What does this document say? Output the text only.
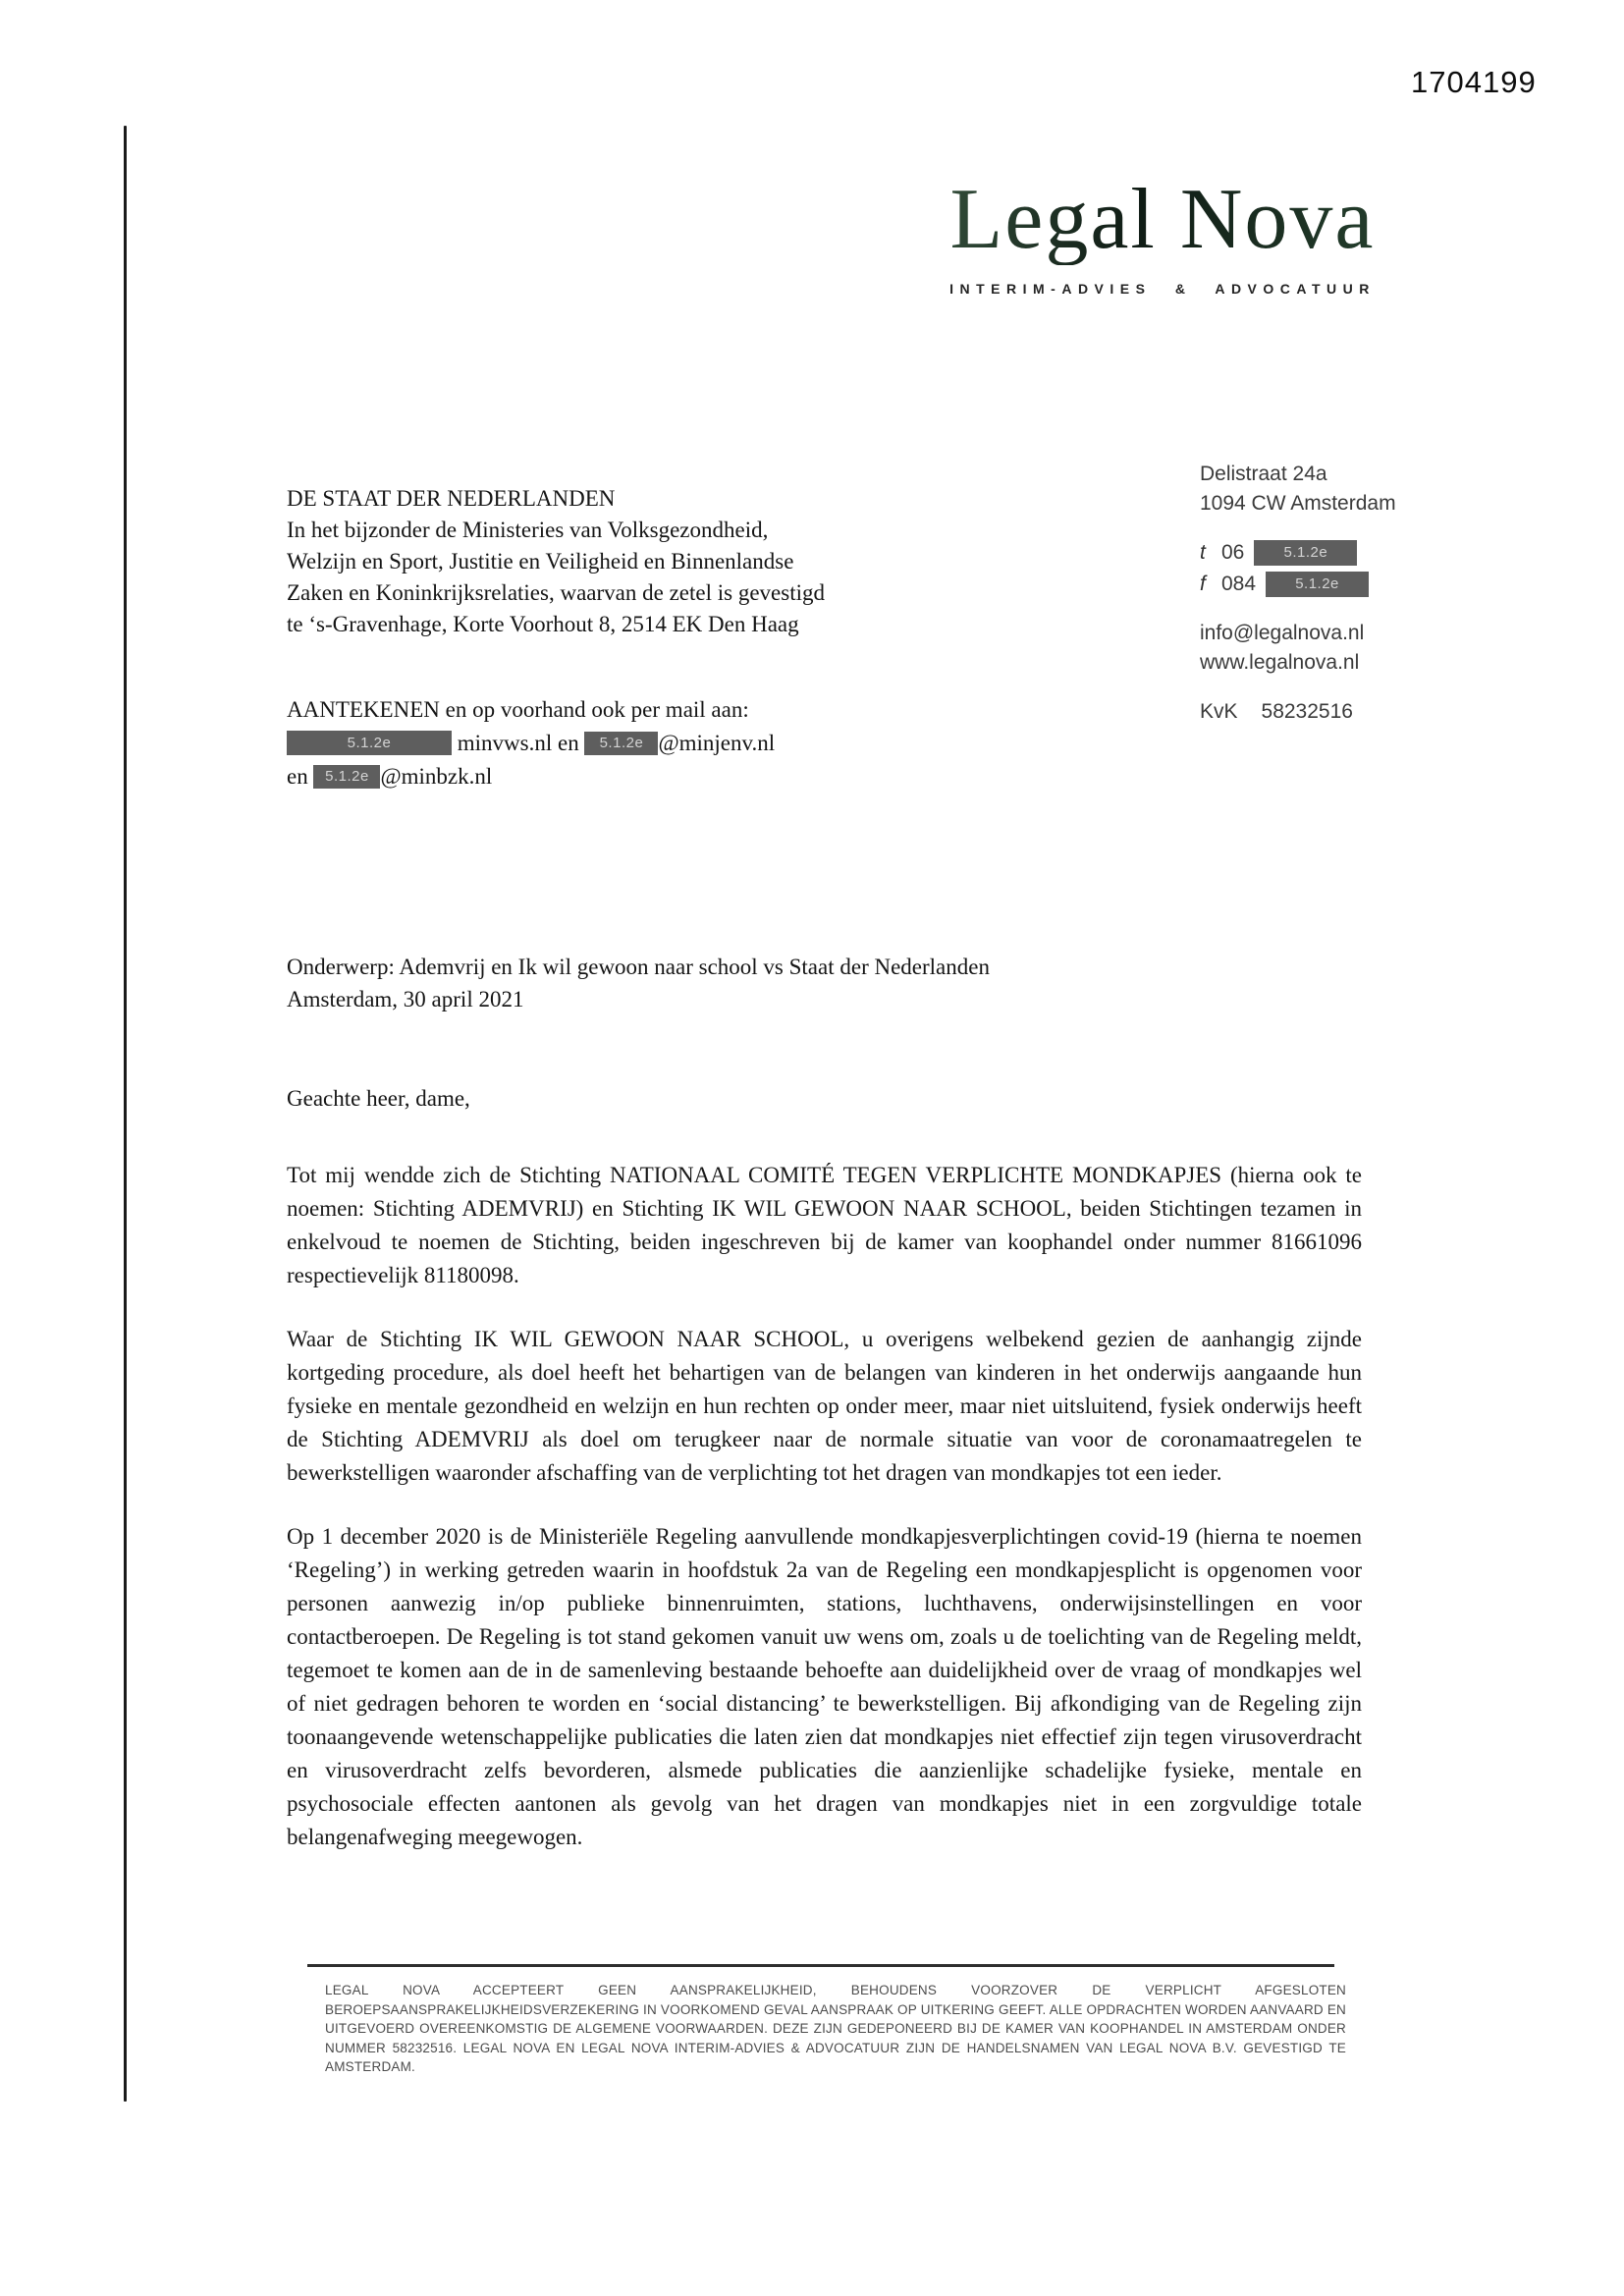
1704199
Legal Nova
INTERIM-ADVIES & ADVOCATUUR
Delistraat 24a
1094 CW Amsterdam
t 06	5.1.2e
f 084	5.1.2e
info@legalnova.nl
www.legalnova.nl
KvK 58232516
DE STAAT DER NEDERLANDEN
In het bijzonder de Ministeries van Volksgezondheid,
Welzijn en Sport, Justitie en Veiligheid en Binnenlandse
Zaken en Koninkrijksrelaties, waarvan de zetel is gevestigd
te ‘s-Gravenhage, Korte Voorhout 8, 2514 EK Den Haag
AANTEKENEN en op voorhand ook per mail aan:
5.1.2e	minvws.nl en 5.1.2e @minjenv.nl
en 5.1.2e @minbzk.nl
Onderwerp: Ademvrij en Ik wil gewoon naar school vs Staat der Nederlanden
Amsterdam, 30 april 2021
Geachte heer, dame,

Tot mij wendde zich de Stichting NATIONAAL COMITÉ TEGEN VERPLICHTE MONDKAPJES (hierna ook te noemen: Stichting ADEMVRIJ) en Stichting IK WIL GEWOON NAAR SCHOOL, beiden Stichtingen tezamen in enkelvoud te noemen de Stichting, beiden ingeschreven bij de kamer van koophandel onder nummer 81661096 respectievelijk 81180098.

Waar de Stichting IK WIL GEWOON NAAR SCHOOL, u overigens welbekend gezien de aanhangig zijnde kortgeding procedure, als doel heeft het behartigen van de belangen van kinderen in het onderwijs aangaande hun fysieke en mentale gezondheid en welzijn en hun rechten op onder meer, maar niet uitsluitend, fysiek onderwijs heeft de Stichting ADEMVRIJ als doel om terugkeer naar de normale situatie van voor de coronamaatregelen te bewerkstelligen waaronder afschaffing van de verplichting tot het dragen van mondkapjes tot een ieder.

Op 1 december 2020 is de Ministeriële Regeling aanvullende mondkapjesverplichtingen covid-19 (hierna te noemen ‘Regeling’) in werking getreden waarin in hoofdstuk 2a van de Regeling een mondkapjesplicht is opgenomen voor personen aanwezig in/op publieke binnenruimten, stations, luchthavens, onderwijsinstellingen en voor contactberoepen. De Regeling is tot stand gekomen vanuit uw wens om, zoals u de toelichting van de Regeling meldt, tegemoet te komen aan de in de samenleving bestaande behoefte aan duidelijkheid over de vraag of mondkapjes wel of niet gedragen behoren te worden en ‘social distancing’ te bewerkstelligen. Bij afkondiging van de Regeling zijn toonaangevende wetenschappelijke publicaties die laten zien dat mondkapjes niet effectief zijn tegen virusoverdracht en virusoverdracht zelfs bevorderen, alsmede publicaties die aanzienlijke schadelijke fysieke, mentale en psychosociale effecten aantonen als gevolg van het dragen van mondkapjes niet in een zorgvuldige totale belangenafweging meegewogen.

LEGAL NOVA ACCEPTEERT GEEN AANSPRAKELIJKHEID, BEHOUDENS VOORZOVER DE VERPLICHT AFGESLOTEN BEROEPSAANSPRAKELIJKHEIDSVERZEKERING IN VOORKOMEND GEVAL AANSPRAAK OP UITKERING GEEFT. ALLE OPDRACHTEN WORDEN AANVAARD EN UITGEVOERD OVEREENKOMSTIG DE ALGEMENE VOORWAARDEN. DEZE ZIJN GEDEPONEERD BIJ DE KAMER VAN KOOPHANDEL IN AMSTERDAM ONDER NUMMER 58232516. LEGAL NOVA EN LEGAL NOVA INTERIM-ADVIES & ADVOCATUUR ZIJN DE HANDELSNAMEN VAN LEGAL NOVA B.V. GEVESTIGD TE AMSTERDAM.
